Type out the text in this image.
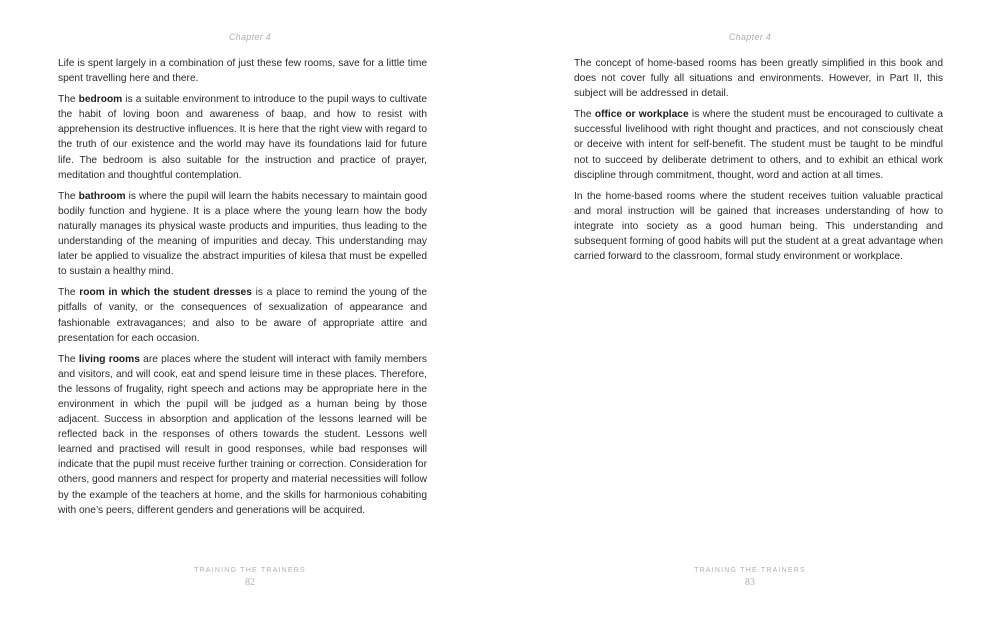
Chapter 4

Life is spent largely in a combination of just these few rooms, save for a little time spent travelling here and there.

The bedroom is a suitable environment to introduce to the pupil ways to cultivate the habit of loving boon and awareness of baap, and how to resist with apprehension its destructive influences. It is here that the right view with regard to the truth of our existence and the world may have its foundations laid for future life. The bedroom is also suitable for the instruction and practice of prayer, meditation and thoughtful contemplation.

The bathroom is where the pupil will learn the habits necessary to maintain good bodily function and hygiene. It is a place where the young learn how the body naturally manages its physical waste products and impurities, thus leading to the understanding of the meaning of impurities and decay. This understanding may later be applied to visualize the abstract impurities of kilesa that must be expelled to sustain a healthy mind.

The room in which the student dresses is a place to remind the young of the pitfalls of vanity, or the consequences of sexualization of appearance and fashionable extravagances; and also to be aware of appropriate attire and presentation for each occasion.

The living rooms are places where the student will interact with family members and visitors, and will cook, eat and spend leisure time in these places. Therefore, the lessons of frugality, right speech and actions may be appropriate here in the environment in which the pupil will be judged as a human being by those adjacent. Success in absorption and application of the lessons learned will be reflected back in the responses of others towards the student. Lessons well learned and practised will result in good responses, while bad responses will indicate that the pupil must receive further training or correction. Consideration for others, good manners and respect for property and material necessities will follow by the example of the teachers at home, and the skills for harmonious cohabiting with one’s peers, different genders and generations will be acquired.

TRAINING THE TRAINERS
82
Chapter 4

The concept of home-based rooms has been greatly simplified in this book and does not cover fully all situations and environments. However, in Part II, this subject will be addressed in detail.

The office or workplace is where the student must be encouraged to cultivate a successful livelihood with right thought and practices, and not consciously cheat or deceive with intent for self-benefit. The student must be taught to be mindful not to succeed by deliberate detriment to others, and to exhibit an ethical work discipline through commitment, thought, word and action at all times.

In the home-based rooms where the student receives tuition valuable practical and moral instruction will be gained that increases understanding of how to integrate into society as a good human being. This understanding and subsequent forming of good habits will put the student at a great advantage when carried forward to the classroom, formal study environment or workplace.

TRAINING THE TRAINERS
83
